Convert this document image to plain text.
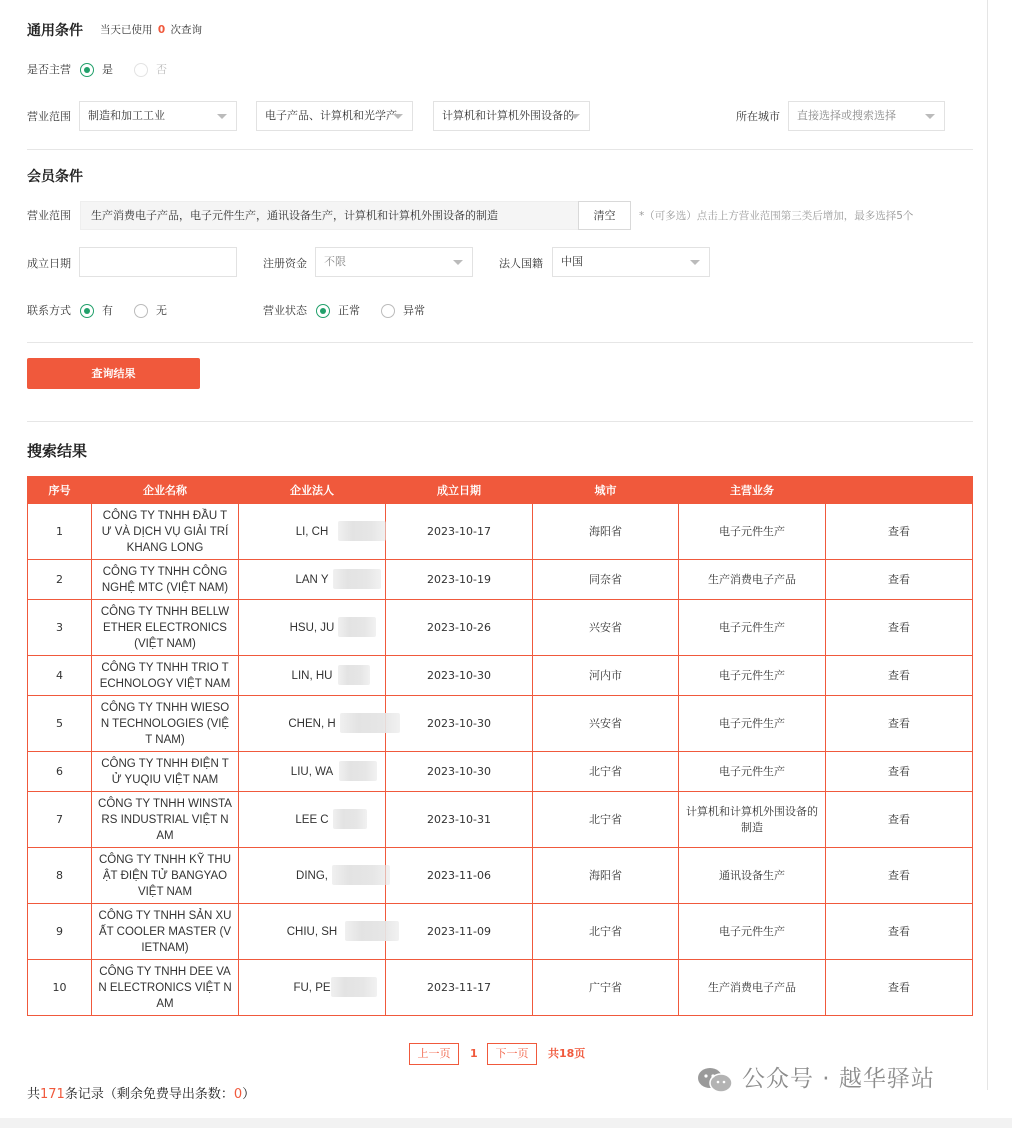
通用条件 当天已使用 0 次查询
是否主营	是	否
营业范围	制造和加工工业	电子产品、计算机和光学产	计算机和计算机外围设备的	所在城市	直接选择或搜索选择
会员条件
营业范围	生产消费电子产品，电子元件生产，通讯设备生产，计算机和计算机外围设备的制造	清空	*（可多选）点击上方营业范围第三类后增加，最多选择5个
成立日期	注册资金	不限	法人国籍	中国
联系方式	有	无	营业状态	正常	异常
查询结果
搜索结果
序号	企业名称	企业法人	成立日期	城市	主营业务	
1	CÔNG TY TNHH ĐẦU TƯ VÀ DỊCH VỤ GIẢI TRÍ KHANG LONG	LI, CH	2023-10-17	海阳省	电子元件生产	查看
2	CÔNG TY TNHH CÔNG NGHỆ MTC (VIỆT NAM)	LAN Y	2023-10-19	同奈省	生产消费电子产品	查看
3	CÔNG TY TNHH BELLWETHER ELECTRONICS (VIỆT NAM)	HSU, JU	2023-10-26	兴安省	电子元件生产	查看
4	CÔNG TY TNHH TRIO TECHNOLOGY VIỆT NAM	LIN, HU	2023-10-30	河内市	电子元件生产	查看
5	CÔNG TY TNHH WIESON TECHNOLOGIES (VIỆT NAM)	CHEN, H	2023-10-30	兴安省	电子元件生产	查看
6	CÔNG TY TNHH ĐIỆN TỬ YUQIU VIỆT NAM	LIU, WA	2023-10-30	北宁省	电子元件生产	查看
7	CÔNG TY TNHH WINSTARS INDUSTRIAL VIỆT NAM	LEE C	2023-10-31	北宁省	计算机和计算机外围设备的制造	查看
8	CÔNG TY TNHH KỸ THUẬT ĐIỆN TỬ BANGYAO VIỆT NAM	DING,	2023-11-06	海阳省	通讯设备生产	查看
9	CÔNG TY TNHH SẢN XUẤT COOLER MASTER (VIETNAM)	CHIU, SH	2023-11-09	北宁省	电子元件生产	查看
10	CÔNG TY TNHH DEE VAN ELECTRONICS VIỆT NAM	FU, PE	2023-11-17	广宁省	生产消费电子产品	查看
上一页	1	下一页	共18页
共171条记录（剩余免费导出条数：0）
公众号 · 越华驿站
